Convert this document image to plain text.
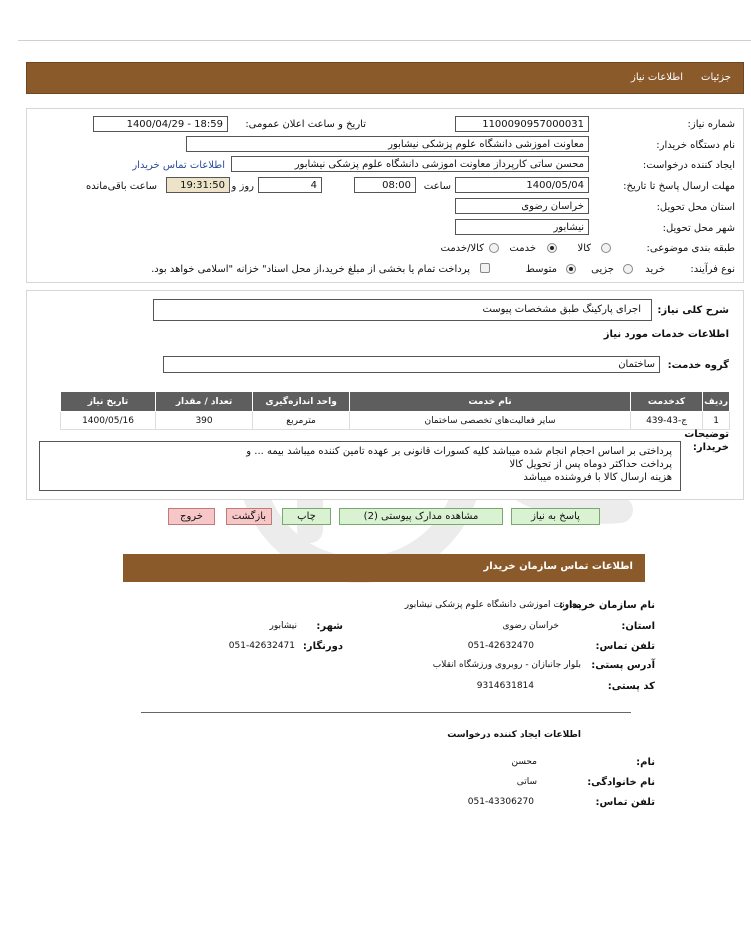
جزئیات
اطلاعات نیاز
شماره نیاز:
1100090957000031
تاریخ و ساعت اعلان عمومی:
1400/04/29 - 18:59
نام دستگاه خریدار:
معاونت اموزشی دانشگاه علوم پزشکی نیشابور
ایجاد کننده درخواست:
محسن ساتی کارپرداز معاونت اموزشی دانشگاه علوم پزشکی نیشابور
اطلاعات تماس خریدار
مهلت ارسال پاسخ تا تاریخ:
1400/05/04
ساعت
08:00
4
روز و
19:31:50
ساعت باقی‌مانده
استان محل تحویل:
خراسان رضوی
شهر محل تحویل:
نیشابور
طبقه بندی موضوعی:
کالا
خدمت
کالا/خدمت
نوع فرآیند:
خرید
جزیی
متوسط
پرداخت تمام یا بخشی از مبلغ خرید،از محل اسناد" خزانه "اسلامی خواهد بود.
شرح کلی نیاز:
اجرای پارکینگ طبق مشخصات پیوست
اطلاعات خدمات مورد نیاز
گروه خدمت:
ساختمان
ردیف	کدخدمت	نام خدمت	واحد اندازه‌گیری	تعداد / مقدار	تاریخ نیاز
1	ج-43-439	سایر فعالیت‌های تخصصی ساختمان	مترمربع	390	1400/05/16
توضیحات خریدار:
پرداختی بر اساس احجام انجام شده میباشد کلیه کسورات قانونی بر عهده تامین کننده میباشد بیمه ... و
پرداخت حداکثر دوماه پس از تحویل کالا
هزینه ارسال کالا با فروشنده میباشد
پاسخ به نیاز
مشاهده مدارک پیوستی (2)
چاپ
بازگشت
خروج
اطلاعات تماس سازمان خریدار
نام سازمان خریدار:
معاونت اموزشی دانشگاه علوم پزشکی نیشابور
استان:
خراسان رضوی
شهر:
نیشابور
تلفن تماس:
051-42632470
دورنگار:
051-42632471
آدرس پستی:
بلوار جانبازان - روبروی ورزشگاه انقلاب
کد پستی:
9314631814
اطلاعات ایجاد کننده درخواست
نام:
محسن
نام خانوادگی:
ساتی
تلفن تماس:
051-43306270
